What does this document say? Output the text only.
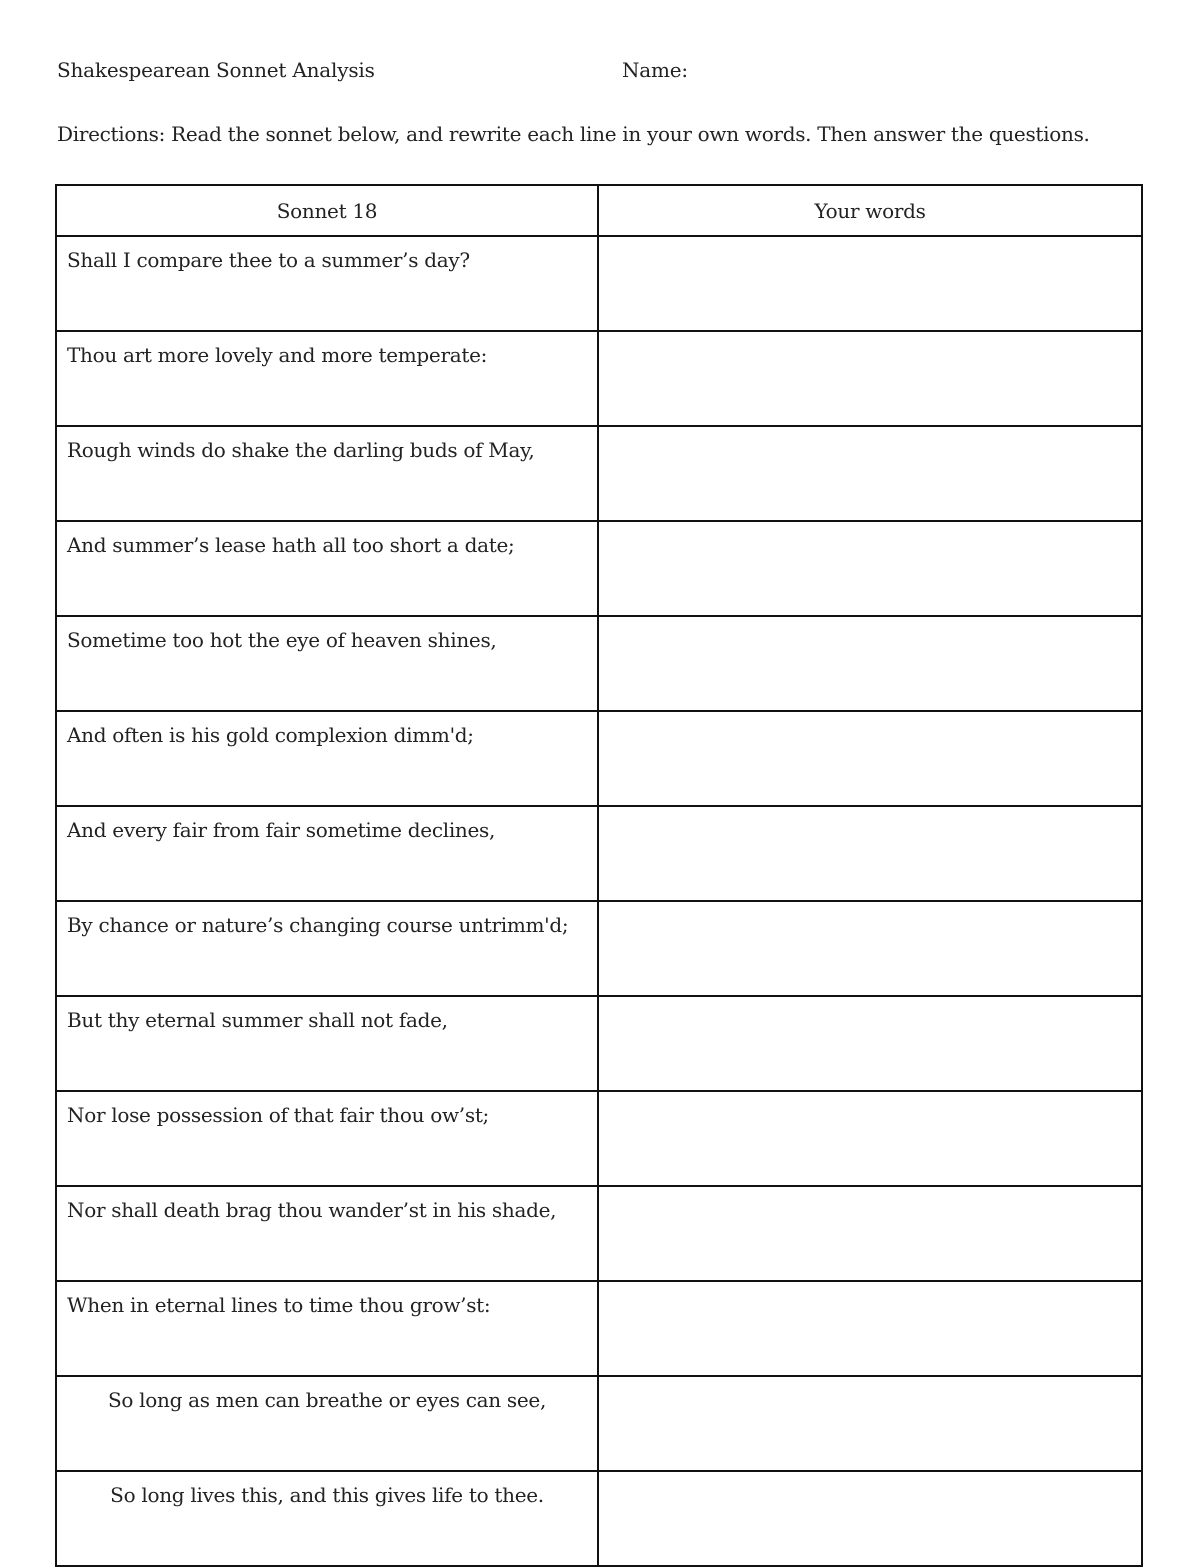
Shakespearean Sonnet Analysis	Name:
Directions: Read the sonnet below, and rewrite each line in your own words. Then answer the questions.
Sonnet 18	Your words
Shall I compare thee to a summer’s day?	
Thou art more lovely and more temperate:	
Rough winds do shake the darling buds of May,	
And summer’s lease hath all too short a date;	
Sometime too hot the eye of heaven shines,	
And often is his gold complexion dimm'd;	
And every fair from fair sometime declines,	
By chance or nature’s changing course untrimm'd;	
But thy eternal summer shall not fade,	
Nor lose possession of that fair thou ow’st;	
Nor shall death brag thou wander’st in his shade,	
When in eternal lines to time thou grow’st:	
So long as men can breathe or eyes can see,	
So long lives this, and this gives life to thee.	
